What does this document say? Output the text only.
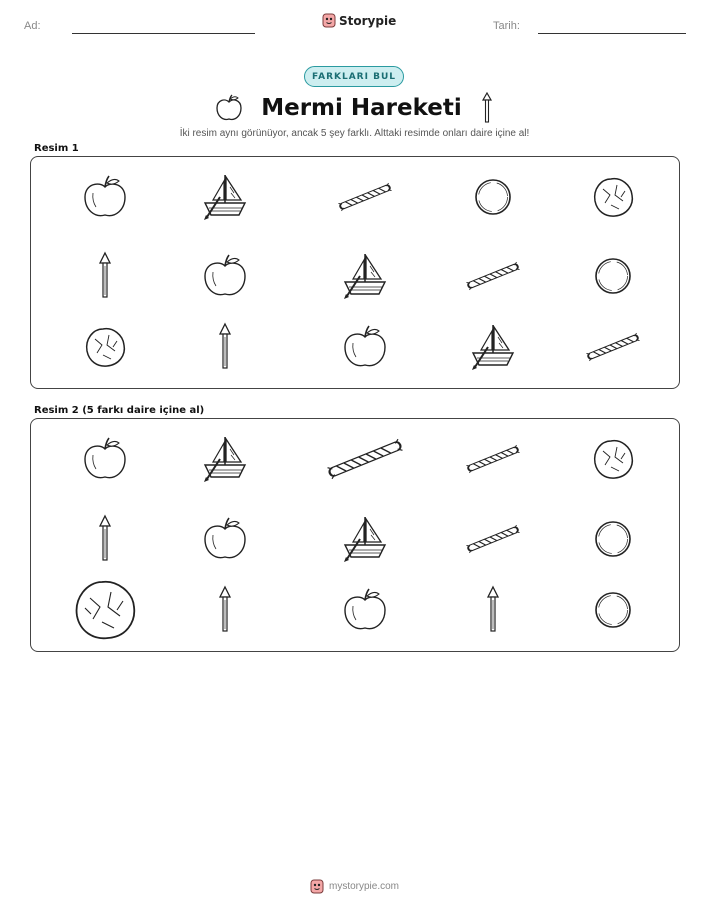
Ad:	Storypie	Tarih:
FARKLARI BUL
Mermi Hareketi
İki resim aynı görünüyor, ancak 5 şey farklı. Alttaki resimde onları daire içine al!
Resim 1
Resim 2 (5 farkı daire içine al)
mystorypie.com
